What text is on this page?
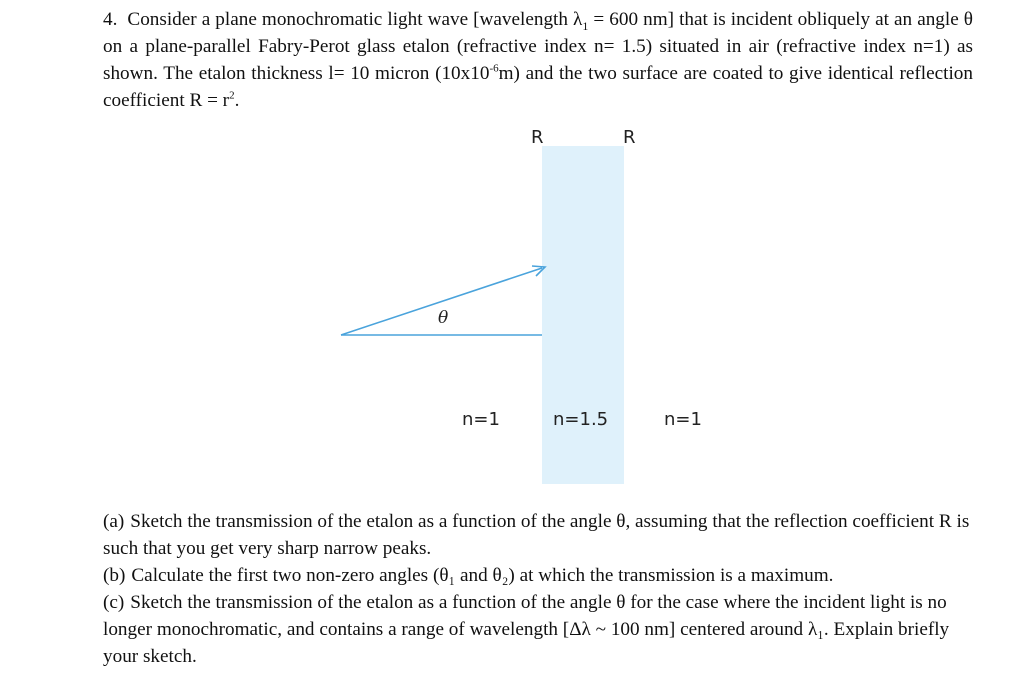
4. Consider a plane monochromatic light wave [wavelength $\lambda_1 = 600$ nm] that is incident obliquely at an angle θ on a plane-parallel Fabry-Perot glass etalon (refractive index n= 1.5) situated in air (refractive index n=1) as shown. The etalon thickness l= 10 micron $(10x10^{-6}m)$ and the two surface are coated to give identical reflection coefficient $R = r^2$.
R	R
θ
n=1	n=1.5	n=1

(a) Sketch the transmission of the etalon as a function of the angle θ, assuming that the reflection coefficient R is such that you get very sharp narrow peaks.

(b) Calculate the first two non-zero angles (θ₁ and θ₂) at which the transmission is a maximum.

(c) Sketch the transmission of the etalon as a function of the angle θ for the case where the incident light is no longer monochromatic, and contains a range of wavelength [Δλ ~ 100 nm] centered around λ₁. Explain briefly your sketch.
